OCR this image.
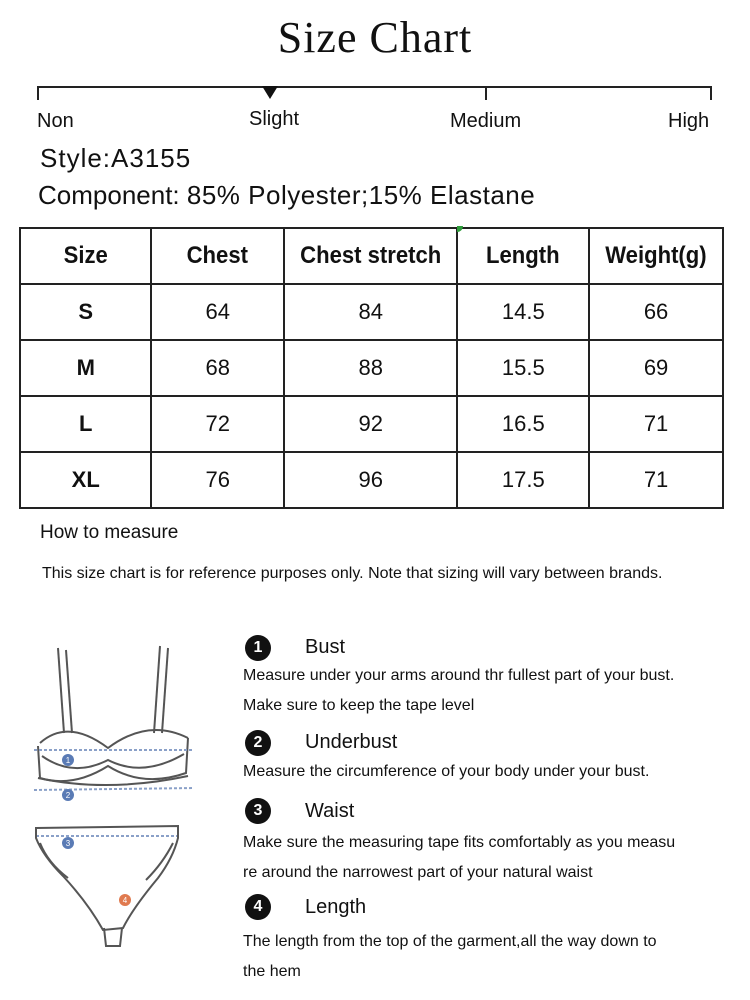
Size Chart
Non	Slight	Medium	High
Style:A3155
Component: 85% Polyester;15% Elastane
Size	Chest	Chest stretch	Length	Weight(g)
S	64	84	14.5	66
M	68	88	15.5	69
L	72	92	16.5	71
XL	76	96	17.5	71
How to measure
This size chart is for reference purposes only. Note that sizing will vary between brands.
1
2
3
4
1	Bust
Measure under your arms around thr fullest part of your bust.
Make sure to keep the tape level
2	Underbust
Measure the circumference of your body under your bust.
3	Waist
Make sure the measuring tape fits comfortably as you measu
re around the narrowest part of your natural waist
4	Length
The length from the top of the garment,all the way down to
the hem
